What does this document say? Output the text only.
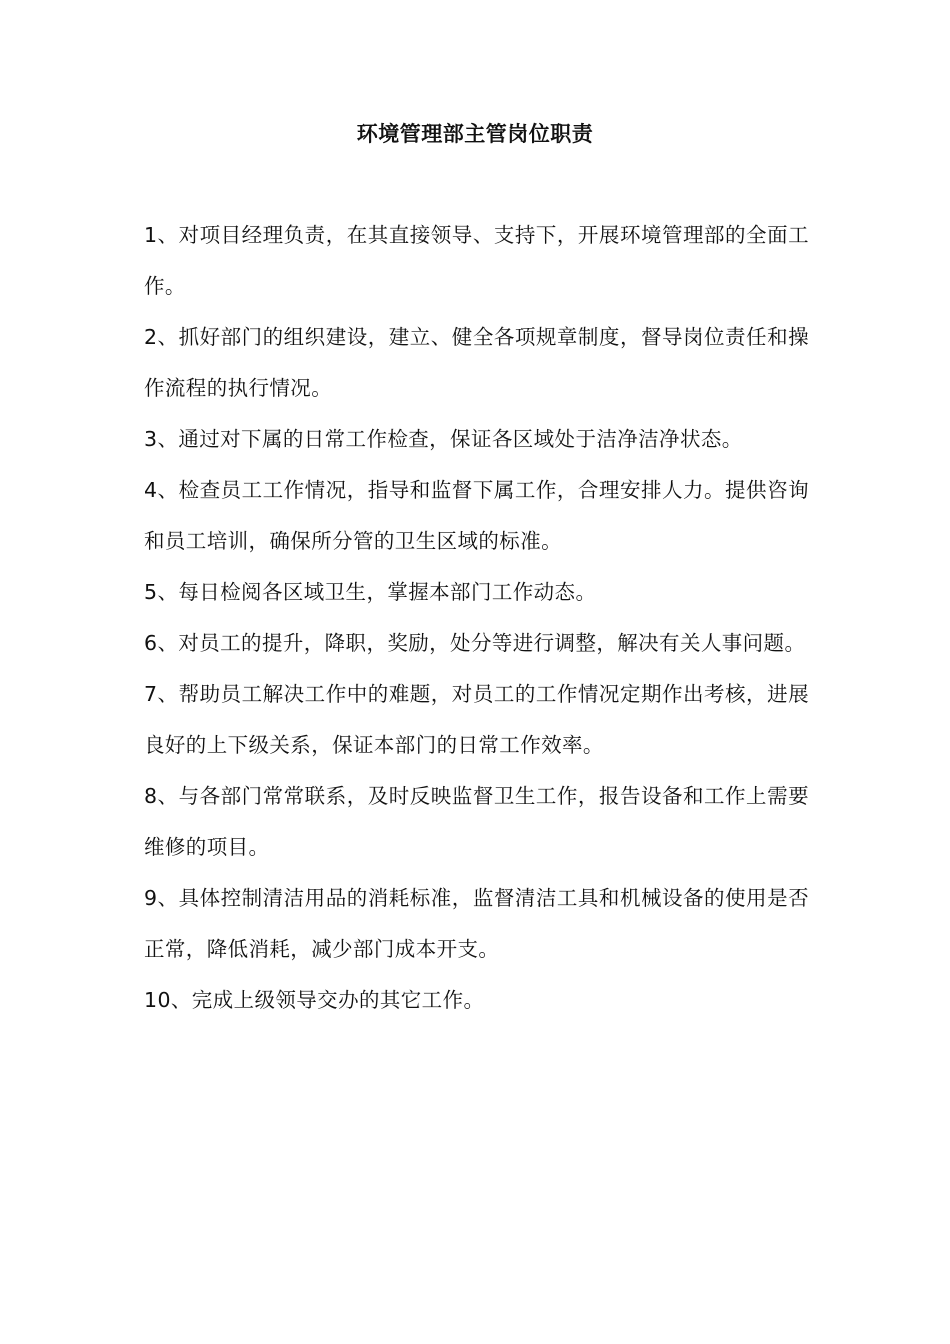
环境管理部主管岗位职责
1、对项目经理负责，在其直接领导、支持下，开展环境管理部的全面工作。
2、抓好部门的组织建设，建立、健全各项规章制度，督导岗位责任和操作流程的执行情况。
3、通过对下属的日常工作检查，保证各区域处于洁净洁净状态。
4、检查员工工作情况，指导和监督下属工作，合理安排人力。提供咨询和员工培训，确保所分管的卫生区域的标准。
5、每日检阅各区域卫生，掌握本部门工作动态。
6、对员工的提升，降职，奖励，处分等进行调整，解决有关人事问题。
7、帮助员工解决工作中的难题，对员工的工作情况定期作出考核，进展良好的上下级关系，保证本部门的日常工作效率。
8、与各部门常常联系，及时反映监督卫生工作，报告设备和工作上需要维修的项目。
9、具体控制清洁用品的消耗标准，监督清洁工具和机械设备的使用是否正常，降低消耗，减少部门成本开支。
10、完成上级领导交办的其它工作。
